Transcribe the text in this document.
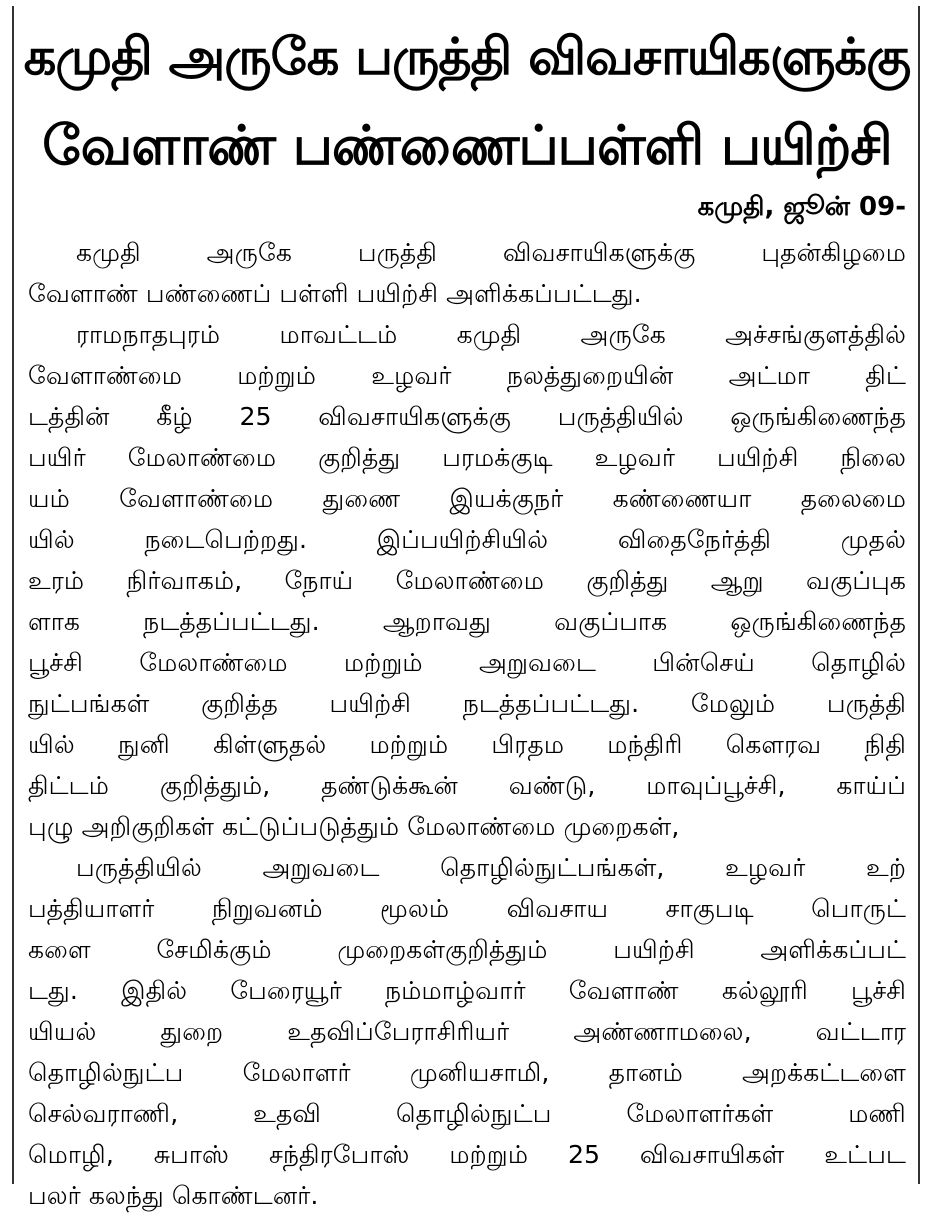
கமுதி அருகே பருத்தி விவசாயிகளுக்கு
வேளாண் பண்ணைப்பள்ளி பயிற்சி

கமுதி, ஜூன் 09-

கமுதி அருகே பருத்தி விவசாயிகளுக்கு புதன்கிழமை
வேளாண் பண்ணைப் பள்ளி பயிற்சி அளிக்கப்பட்டது.
ராமநாதபுரம் மாவட்டம் கமுதி அருகே அச்சங்குளத்தில்
வேளாண்மை மற்றும் உழவர் நலத்துறையின் அட்மா திட்
டத்தின் கீழ் 25 விவசாயிகளுக்கு பருத்தியில் ஒருங்கிணைந்த
பயிர் மேலாண்மை குறித்து பரமக்குடி உழவர் பயிற்சி நிலை
யம் வேளாண்மை துணை இயக்குநர் கண்ணையா தலைமை
யில் நடைபெற்றது. இப்பயிற்சியில் விதைநேர்த்தி முதல்
உரம் நிர்வாகம், நோய் மேலாண்மை குறித்து ஆறு வகுப்புக
ளாக நடத்தப்பட்டது. ஆறாவது வகுப்பாக ஒருங்கிணைந்த
பூச்சி மேலாண்மை மற்றும் அறுவடை பின்செய் தொழில்
நுட்பங்கள் குறித்த பயிற்சி நடத்தப்பட்டது. மேலும் பருத்தி
யில் நுனி கிள்ளுதல் மற்றும் பிரதம மந்திரி கௌரவ நிதி
திட்டம் குறித்தும், தண்டுக்கூன் வண்டு, மாவுப்பூச்சி, காய்ப்
புழு அறிகுறிகள் கட்டுப்படுத்தும் மேலாண்மை முறைகள்,
பருத்தியில் அறுவடை தொழில்நுட்பங்கள், உழவர் உற்
பத்தியாளர் நிறுவனம் மூலம் விவசாய சாகுபடி பொருட்
களை சேமிக்கும் முறைகள்குறித்தும் பயிற்சி அளிக்கப்பட்
டது. இதில் பேரையூர் நம்மாழ்வார் வேளாண் கல்லூரி பூச்சி
யியல் துறை உதவிப்பேராசிரியர் அண்ணாமலை, வட்டார
தொழில்நுட்ப மேலாளர் முனியசாமி, தானம் அறக்கட்டளை
செல்வராணி, உதவி தொழில்நுட்ப மேலாளர்கள் மணி
மொழி, சுபாஸ் சந்திரபோஸ் மற்றும் 25 விவசாயிகள் உட்பட
பலர் கலந்து கொண்டனர்.
